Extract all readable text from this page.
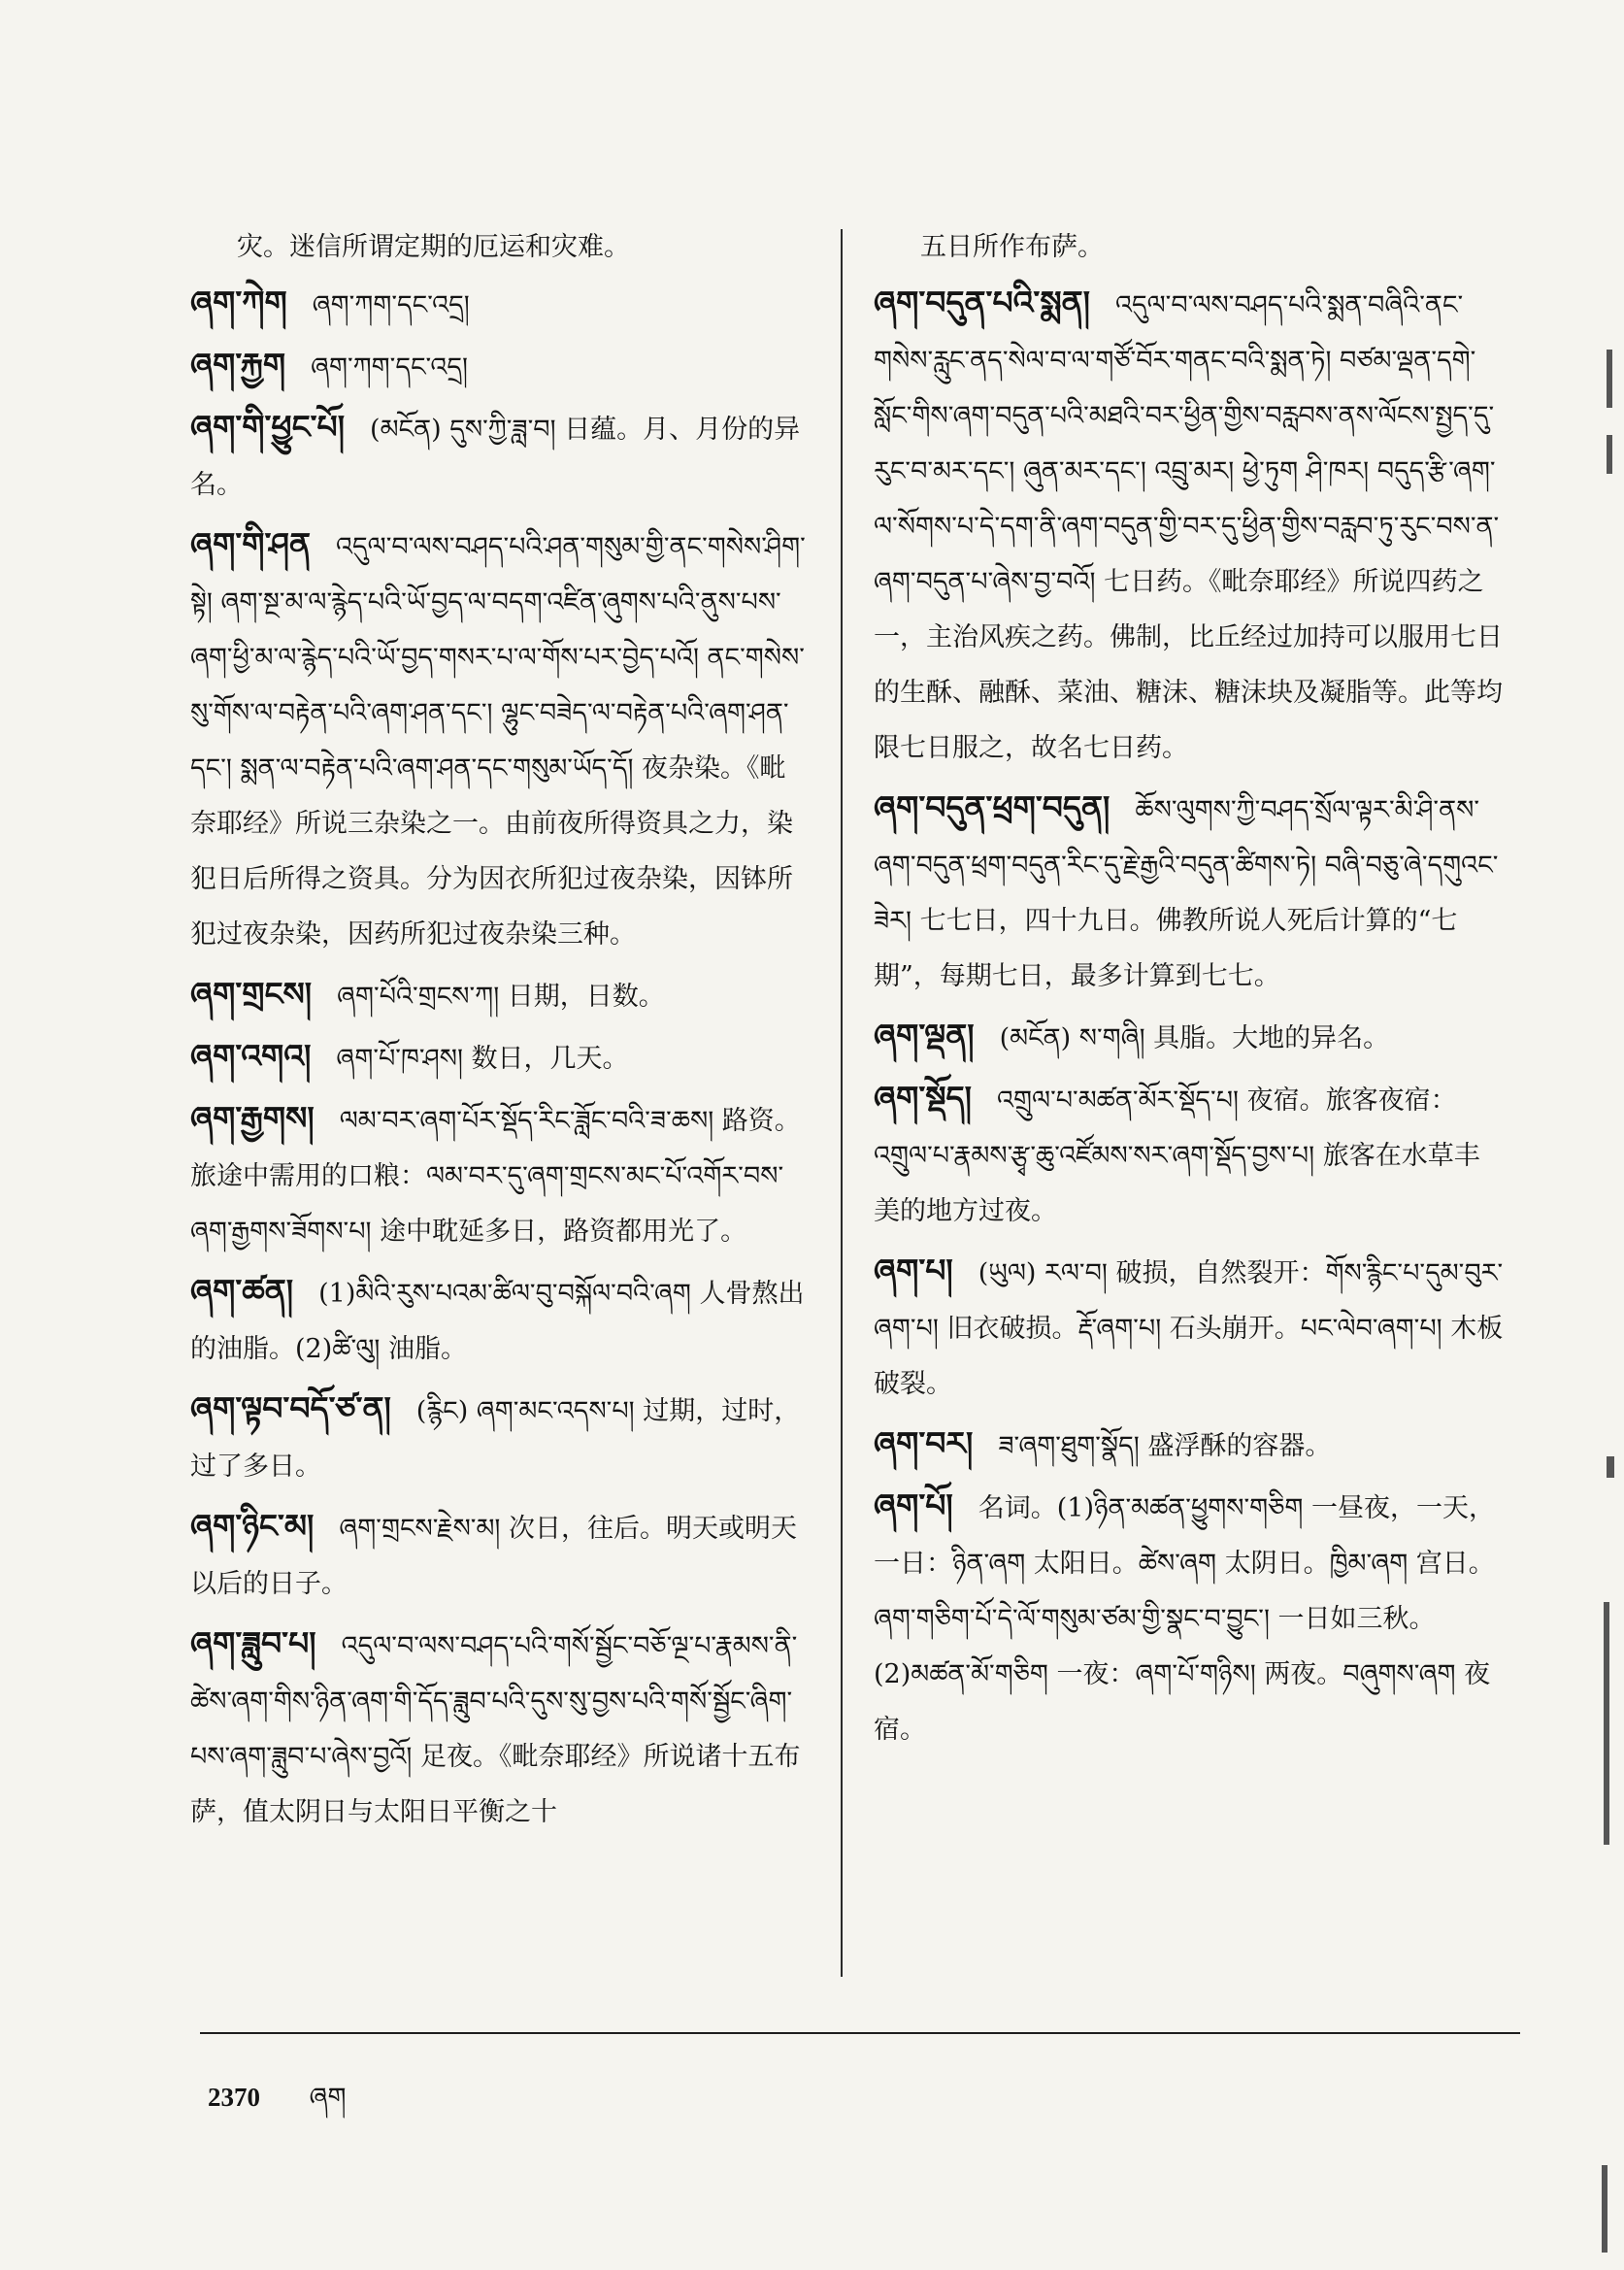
灾。迷信所谓定期的厄运和灾难。
ཞག་ཀེག ཞག་ཀག་དང་འདྲ།
ཞག་རྐྱག ཞག་ཀག་དང་འདྲ།
ཞག་གི་ཕྱུང་པོ། (མངོན) དུས་ཀྱི་ཟླ་བ། 日蕴。月、月份的异名。
ཞག་གི་ཤན འདུལ་བ་ལས་བཤད་པའི་ཤན་གསུམ་གྱི་ནང་གསེས་ཤིག་སྟེ། ཞག་སྔ་མ་ལ་རྙེད་པའི་ཡོ་བྱད་ལ་བདག་འཛིན་ཞུགས་པའི་ནུས་པས་ཞག་ཕྱི་མ་ལ་རྙེད་པའི་ཡོ་བྱད་གསར་པ་ལ་གོས་པར་བྱེད་པའོ། ནང་གསེས་སུ་གོས་ལ་བརྟེན་པའི་ཞག་ཤན་དང་། ལྷུང་བཟེད་ལ་བརྟེན་པའི་ཞག་ཤན་དང་། སྨན་ལ་བརྟེན་པའི་ཞག་ཤན་དང་གསུམ་ཡོད་དོ། 夜杂染。《毗奈耶经》所说三杂染之一。由前夜所得资具之力，染犯日后所得之资具。分为因衣所犯过夜杂染，因钵所犯过夜杂染，因药所犯过夜杂染三种。
ཞག་གྲངས། ཞག་པོའི་གྲངས་ཀ། 日期，日数。
ཞག་འགའ། ཞག་པོ་ཁ་ཤས། 数日，几天。
ཞག་རྒྱགས། ལམ་བར་ཞག་པོར་སྡོད་རིང་ཟློང་བའི་ཟ་ཆས། 路资。旅途中需用的口粮：ལམ་བར་དུ་ཞག་གྲངས་མང་པོ་འགོར་བས་ཞག་རྒྱགས་ཟོགས་པ། 途中耽延多日，路资都用光了。
ཞག་ཚན། (1)མིའི་རུས་པའམ་ཚིལ་བུ་བསྐོལ་བའི་ཞག 人骨熬出的油脂。(2)ཚི་ལུ། 油脂。
ཞག་ལྟབ་བདོ་ཙ་ན། (རྙིང) ཞག་མང་འདས་པ། 过期，过时，过了多日。
ཞག་ཉིང་མ། ཞག་གྲངས་རྗེས་མ། 次日，往后。明天或明天以后的日子。
ཞག་ཟླུབ་པ། འདུལ་བ་ལས་བཤད་པའི་གསོ་སྦྱོང་བཅོ་ལྔ་པ་རྣམས་ནི་ཚེས་ཞག་གིས་ཉིན་ཞག་གི་དོད་ཟླུབ་པའི་དུས་སུ་བྱས་པའི་གསོ་སྦྱོང་ཞིག་པས་ཞག་ཟླུབ་པ་ཞེས་བྱའོ། 足夜。《毗奈耶经》所说诸十五布萨，值太阴日与太阳日平衡之十
五日所作布萨。
ཞག་བདུན་པའི་སྨན། འདུལ་བ་ལས་བཤད་པའི་སྨན་བཞིའི་ནང་གསེས་རླུང་ནད་སེལ་བ་ལ་གཙོ་བོར་གནང་བའི་སྨན་ཏེ། བཙམ་ལྡན་དགེ་སློང་གིས་ཞག་བདུན་པའི་མཐའི་བར་ཕྱིན་གྱིས་བརླབས་ནས་ལོངས་སྤྱད་དུ་རུང་བ་མར་དང་། ཞུན་མར་དང་། འབྲུ་མར། ཕྱེ་ཏུག ཤི་ཁར། བདུད་རྩི་ཞག་ལ་སོགས་པ་དེ་དག་ནི་ཞག་བདུན་གྱི་བར་དུ་ཕྱིན་གྱིས་བརླབ་ཏུ་རུང་བས་ན་ཞག་བདུན་པ་ཞེས་བྱ་བའོ། 七日药。《毗奈耶经》所说四药之一，主治风疾之药。佛制，比丘经过加持可以服用七日的生酥、融酥、菜油、糖沫、糖沫块及凝脂等。此等均限七日服之，故名七日药。
ཞག་བདུན་ཕྲག་བདུན། ཆོས་ལུགས་ཀྱི་བཤད་སྲོལ་ལྟར་མི་ཤི་ནས་ཞག་བདུན་ཕྲག་བདུན་རིང་དུ་རྗེ་རྒྱའི་བདུན་ཚིགས་ཏེ། བཞི་བཅུ་ཞེ་དགུའང་ཟེར། 七七日，四十九日。佛教所说人死后计算的“七期”，每期七日，最多计算到七七。
ཞག་ལྡན། (མངོན) ས་གཞི། 具脂。大地的异名。
ཞག་སྡོད། འགྲུལ་པ་མཚན་མོར་སྡོད་པ། 夜宿。旅客夜宿：འགྲུལ་པ་རྣམས་རྩྭ་ཆུ་འཛོམས་སར་ཞག་སྡོད་བྱས་པ། 旅客在水草丰美的地方过夜。
ཞག་པ། (ཡུལ) རལ་བ། 破损，自然裂开：གོས་རྙིང་པ་དུམ་བུར་ཞག་པ། 旧衣破损。རྡོ་ཞག་པ། 石头崩开。པང་ལེབ་ཞག་པ། 木板破裂。
ཞག་བར། ཟ་ཞག་ཐུག་སྣོད། 盛浮酥的容器。
ཞག་པོ། 名词。(1)ཉིན་མཚན་ཕྱུགས་གཅིག 一昼夜，一天，一日：ཉིན་ཞག 太阳日。ཚེས་ཞག 太阴日。ཁྱིམ་ཞག 宫日。ཞག་གཅིག་པོ་དེ་ལོ་གསུམ་ཙམ་གྱི་སྣང་བ་བྱུང་། 一日如三秋。(2)མཚན་མོ་གཅིག 一夜：ཞག་པོ་གཉིས། 两夜。བཞུགས་ཞག 夜宿。
2370 ཞག
